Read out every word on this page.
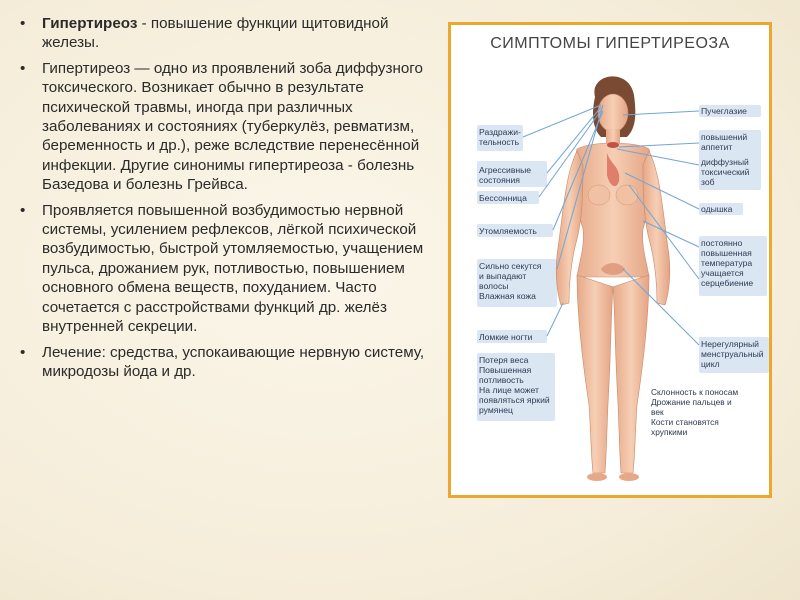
• Гипертиреоз - повышение функции щитовидной железы.
• Гипертиреоз — одно из проявлений зоба диффузного токсического. Возникает обычно в результате психической травмы, иногда при различных заболеваниях и состояниях (туберкулёз, ревматизм, беременность и др.), реже вследствие перенесённой инфекции. Другие синонимы гипертиреоза - болезнь Базедова и болезнь Грейвса.
• Проявляется повышенной возбудимостью нервной системы, усилением рефлексов, лёгкой психической возбудимостью, быстрой утомляемостью, учащением пульса, дрожанием рук, потливостью, повышением основного обмена веществ, похуданием. Часто сочетается с расстройствами функций др. желёз внутренней секреции.
• Лечение: средства, успокаивающие нервную систему, микродозы йода и др.
СИМПТОМЫ ГИПЕРТИРЕОЗА
Раздражи-
тельность
Агрессивные
состояния
Бессонница
Утомляемость
Сильно секутся
и выпадают
волосы
Влажная кожа
Ломкие ногти
Потеря веса
Повышенная
потливость
На лице может
появляться яркий
румянец
Пучеглазие
повышений
аппетит
диффузный
токсический
зоб
одышка
постоянно
повышенная
температура
учащается
серцебиение
Нерегулярный
менструальный
цикл
Склонность к поносам
Дрожание пальцев и
век
Кости становятся
хрупкими
